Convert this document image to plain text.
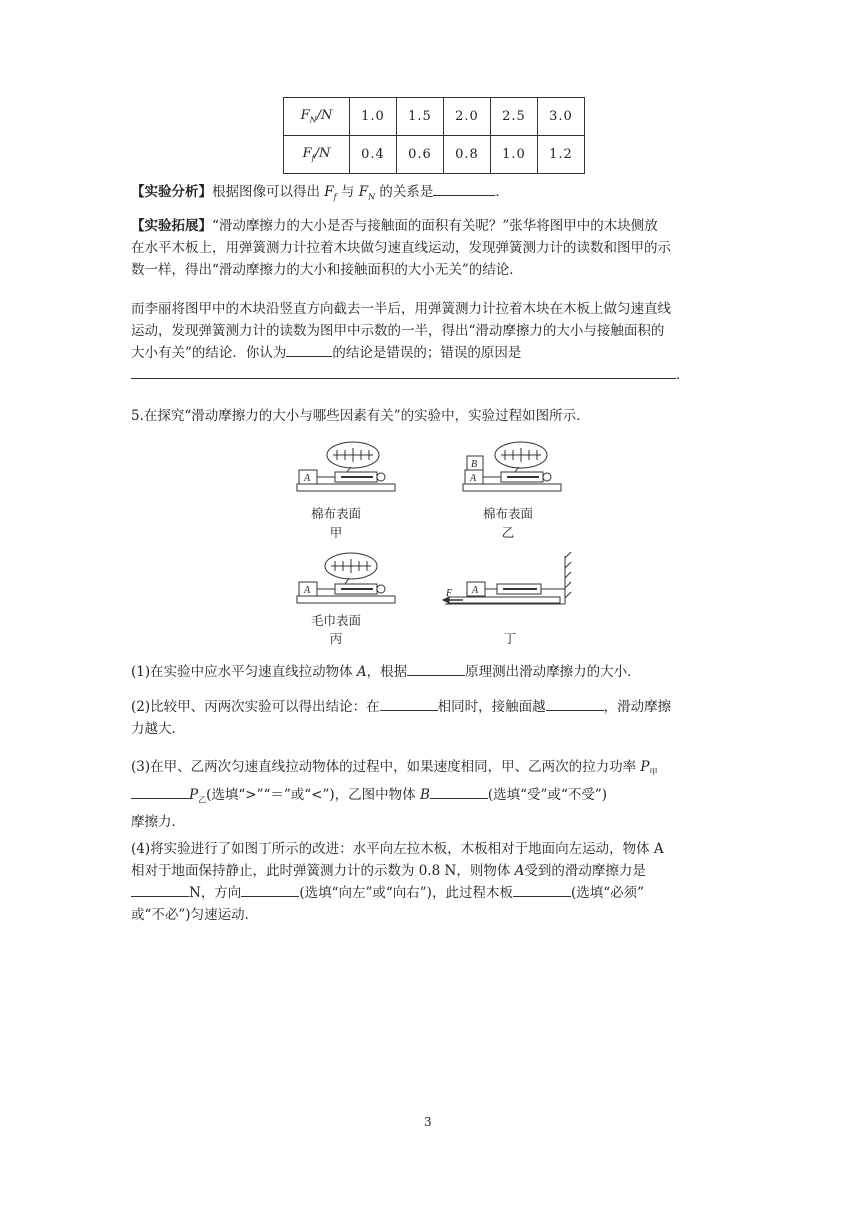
$F_N/N$	1.0	1.5	2.0	2.5	3.0
$F_f/N$	0.4	0.6	0.8	1.0	1.2
【实验分析】根据图像可以得出 $F_f$ 与 $F_N$ 的关系是	．
【实验拓展】“滑动摩擦力的大小是否与接触面的面积有关呢？”张华将图甲中的木块侧放
在水平木板上，用弹簧测力计拉着木块做匀速直线运动，发现弹簧测力计的读数和图甲的示
数一样，得出“滑动摩擦力的大小和接触面积的大小无关”的结论．
而李丽将图甲中的木块沿竖直方向截去一半后，用弹簧测力计拉着木块在木板上做匀速直线
运动，发现弹簧测力计的读数为图甲中示数的一半，得出“滑动摩擦力的大小与接触面积的
大小有关”的结论．你认为	的结论是错误的；错误的原因是
．
5.在探究“滑动摩擦力的大小与哪些因素有关”的实验中，实验过程如图所示．
A	A
B
A	A
F
棉布表面
甲
棉布表面
乙
毛巾表面
丙	丁
(1)在实验中应水平匀速直线拉动物体 A，根据	原理测出滑动摩擦力的大小．
(2)比较甲、丙两次实验可以得出结论：在	相同时，接触面越	，滑动摩擦
力越大．
(3)在甲、乙两次匀速直线拉动物体的过程中，如果速度相同，甲、乙两次的拉力功率 $P_甲$
$P_乙$(选填“>”“＝”或“<”)，乙图中物体 B	(选填“受”或“不受”)
摩擦力．
(4)将实验进行了如图丁所示的改进：水平向左拉木板，木板相对于地面向左运动，物体 A
相对于地面保持静止，此时弹簧测力计的示数为 0.8 N，则物体 A受到的滑动摩擦力是
N，方向	(选填“向左”或“向右”)，此过程木板	(选填“必须”
或“不必”)匀速运动．
3
